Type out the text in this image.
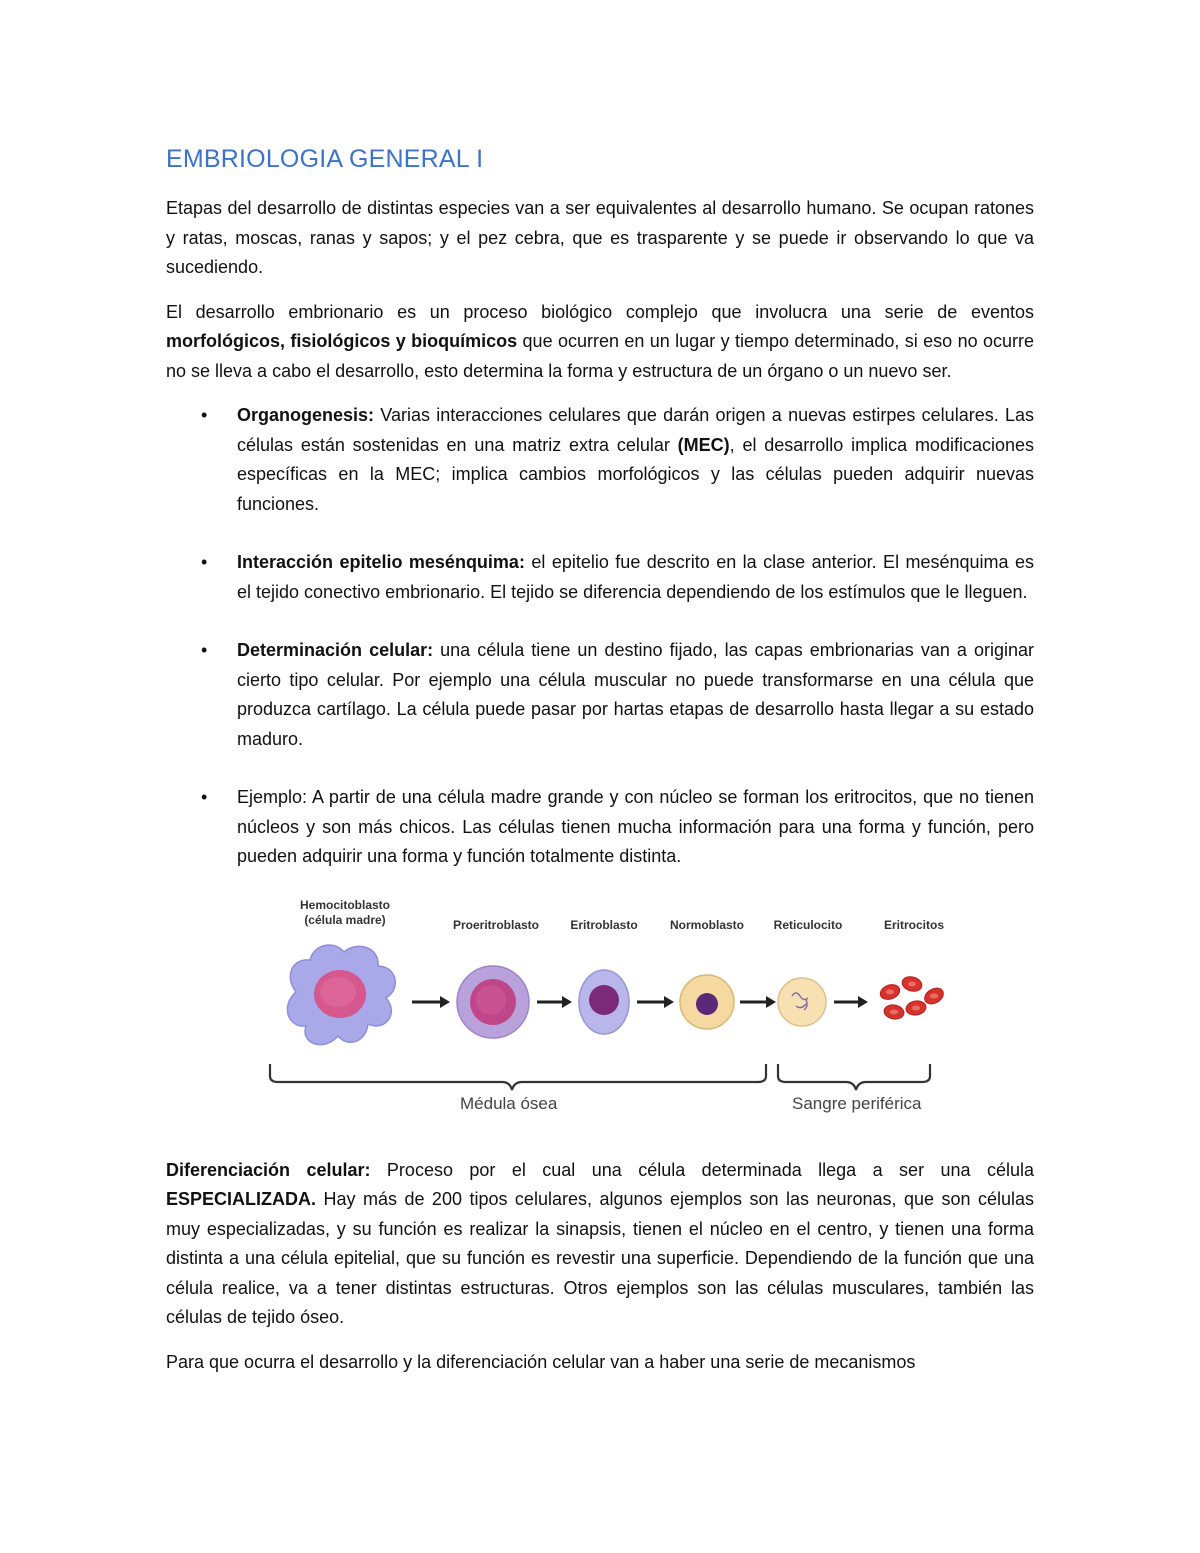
EMBRIOLOGIA GENERAL I

Etapas del desarrollo de distintas especies van a ser equivalentes al desarrollo humano. Se ocupan ratones y ratas, moscas, ranas y sapos; y el pez cebra, que es trasparente y se puede ir observando lo que va sucediendo.

El desarrollo embrionario es un proceso biológico complejo que involucra una serie de eventos morfológicos, fisiológicos y bioquímicos que ocurren en un lugar y tiempo determinado, si eso no ocurre no se lleva a cabo el desarrollo, esto determina la forma y estructura de un órgano o un nuevo ser.

• Organogenesis: Varias interacciones celulares que darán origen a nuevas estirpes celulares. Las células están sostenidas en una matriz extra celular (MEC), el desarrollo implica modificaciones específicas en la MEC; implica cambios morfológicos y las células pueden adquirir nuevas funciones.
• Interacción epitelio mesénquima: el epitelio fue descrito en la clase anterior. El mesénquima es el tejido conectivo embrionario. El tejido se diferencia dependiendo de los estímulos que le lleguen.
• Determinación celular: una célula tiene un destino fijado, las capas embrionarias van a originar cierto tipo celular. Por ejemplo una célula muscular no puede transformarse en una célula que produzca cartílago. La célula puede pasar por hartas etapas de desarrollo hasta llegar a su estado maduro.
• Ejemplo: A partir de una célula madre grande y con núcleo se forman los eritrocitos, que no tienen núcleos y son más chicos. Las células tienen mucha información para una forma y función, pero pueden adquirir una forma y función totalmente distinta.
Hemocitoblasto
(célula madre)	Proeritroblasto	Eritroblasto	Normoblasto	Reticulocito	Eritrocitos
Médula ósea	Sangre periférica

Diferenciación celular: Proceso por el cual una célula determinada llega a ser una célula ESPECIALIZADA. Hay más de 200 tipos celulares, algunos ejemplos son las neuronas, que son células muy especializadas, y su función es realizar la sinapsis, tienen el núcleo en el centro, y tienen una forma distinta a una célula epitelial, que su función es revestir una superficie. Dependiendo de la función que una célula realice, va a tener distintas estructuras. Otros ejemplos son las células musculares, también las células de tejido óseo.

Para que ocurra el desarrollo y la diferenciación celular van a haber una serie de mecanismos
